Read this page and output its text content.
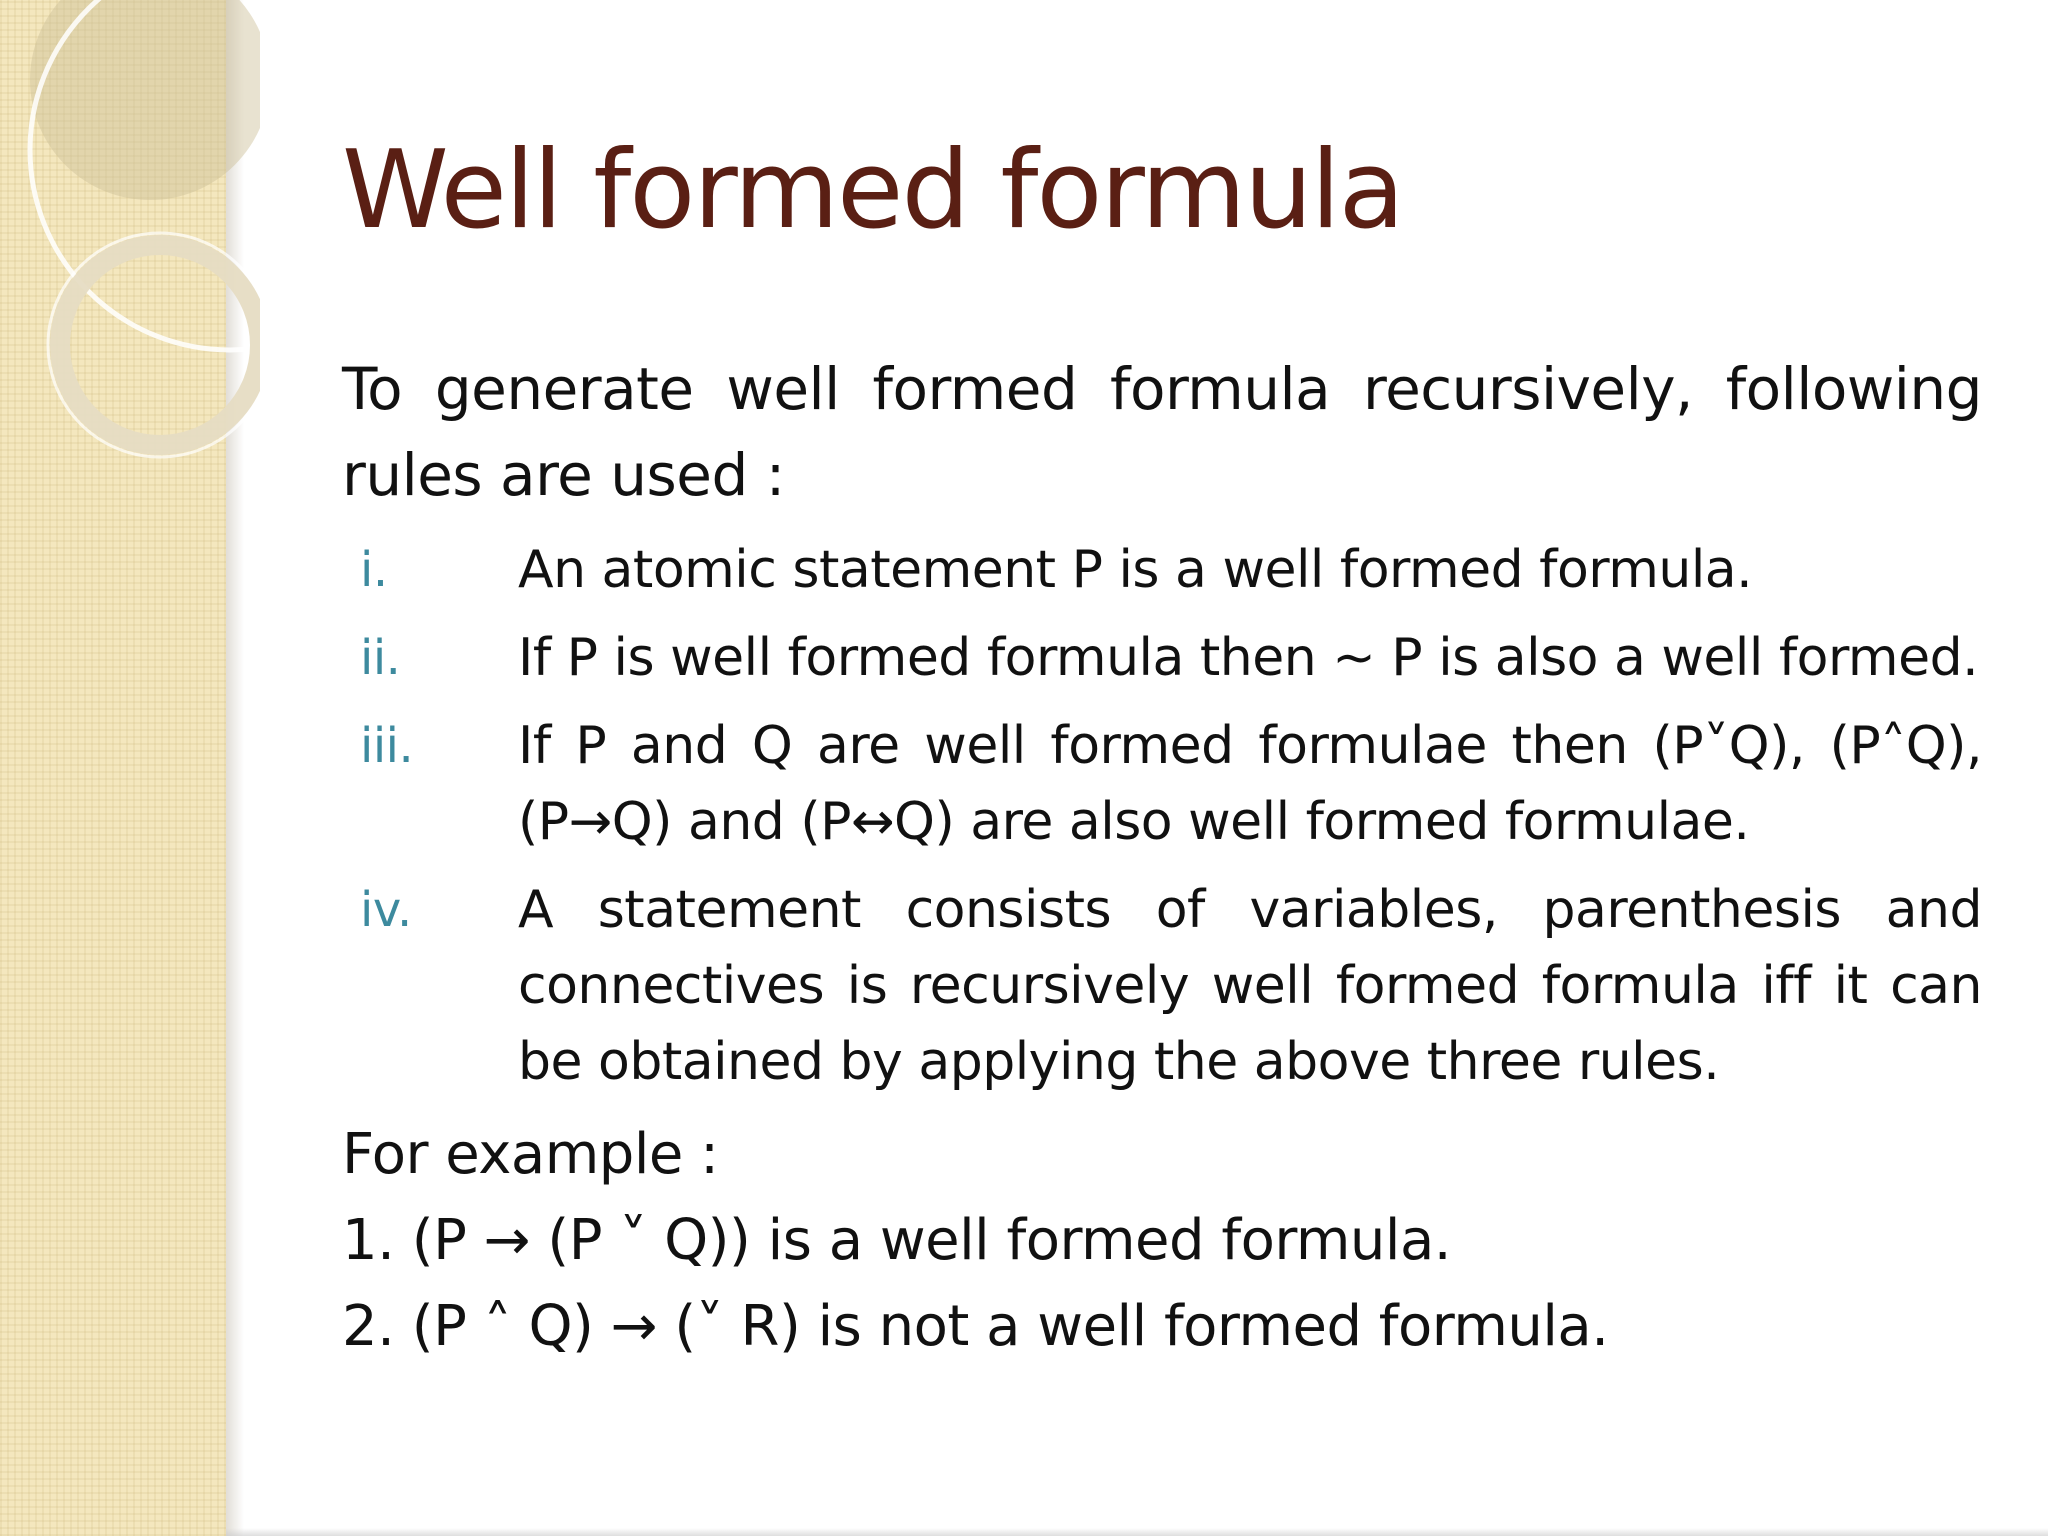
Well formed formula

To generate well formed formula recursively, following rules are used :

i.	An atomic statement P is a well formed formula.
ii. If P is well formed formula then ~ P is also a well formed.
iii. If P and Q are well formed formulae then (P˅Q), (P˄Q), (P→Q) and (P↔Q) are also well formed formulae.
iv. A statement consists of variables, parenthesis and connectives is recursively well formed formula iff it can be obtained by applying the above three rules.

For example :

1. (P → (P ˅ Q)) is a well formed formula.

2. (P ˄ Q) → (˅ R) is not a well formed formula.
